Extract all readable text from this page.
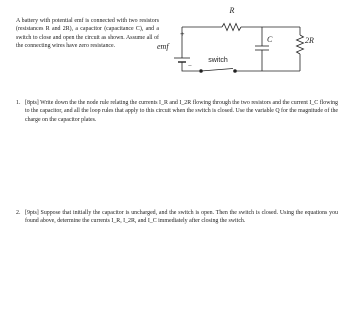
A battery with potential emf is connected with two resistors (resistances R and 2R), a capacitor (capacitance C), and a switch to close and open the circuit as shown. Assume all of the connecting wires have zero resistance.

R
C	2R
emf
+
−
switch
1. [8pts] Write down the the node rule relating the currents I_R and I_2R flowing through the two resistors and the current I_C flowing to the capacitor, and all the loop rules that apply to this circuit when the switch is closed. Use the variable Q for the magnitude of the charge on the capacitor plates.
2. [9pts] Suppose that initially the capacitor is uncharged, and the switch is open. Then the switch is closed. Using the equations you found above, determine the currents I_R, I_2R, and I_C immediately after closing the switch.
